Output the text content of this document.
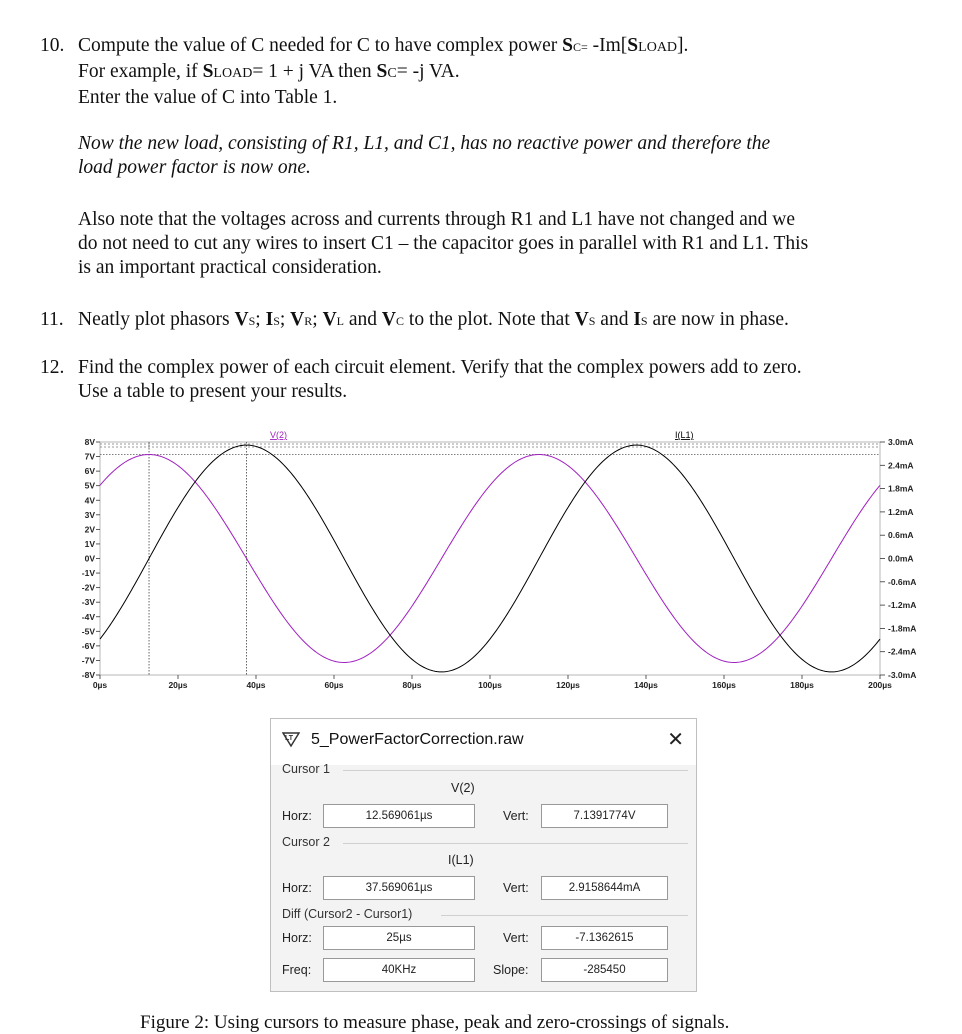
10. Compute the value of C needed for C to have complex power SC= -Im[SLOAD].
For example, if SLOAD= 1 + j VA then SC= -j VA.
Enter the value of C into Table 1.
Now the new load, consisting of R1, L1, and C1, has no reactive power and therefore the
load power factor is now one.
Also note that the voltages across and currents through R1 and L1 have not changed and we
do not need to cut any wires to insert C1 – the capacitor goes in parallel with R1 and L1. This
is an important practical consideration.
11. Neatly plot phasors VS; IS; VR; VL and VC to the plot. Note that VS and IS are now in phase.
12. Find the complex power of each circuit element. Verify that the complex powers add to zero.
Use a table to present your results.
8V
7V
6V
5V
4V
3V
2V
1V
0V
-1V
-2V
-3V
-4V
-5V
-6V
-7V
-8V
3.0mA
2.4mA
1.8mA
1.2mA
0.6mA
0.0mA
-0.6mA
-1.2mA
-1.8mA
-2.4mA
-3.0mA
0µs	20µs	40µs	60µs	80µs	100µs	120µs	140µs	160µs	180µs	200µs
V(2)	I(L1)
LT 5_PowerFactorCorrection.raw	✕
Cursor 1
V(2)
Horz:	12.569061µs	Vert:	7.1391774V
Cursor 2
I(L1)
Horz:	37.569061µs	Vert:	2.9158644mA
Diff (Cursor2 - Cursor1)
Horz:	25µs	Vert:	-7.1362615
Freq:	40KHz	Slope:	-285450
Figure 2: Using cursors to measure phase, peak and zero-crossings of signals.
